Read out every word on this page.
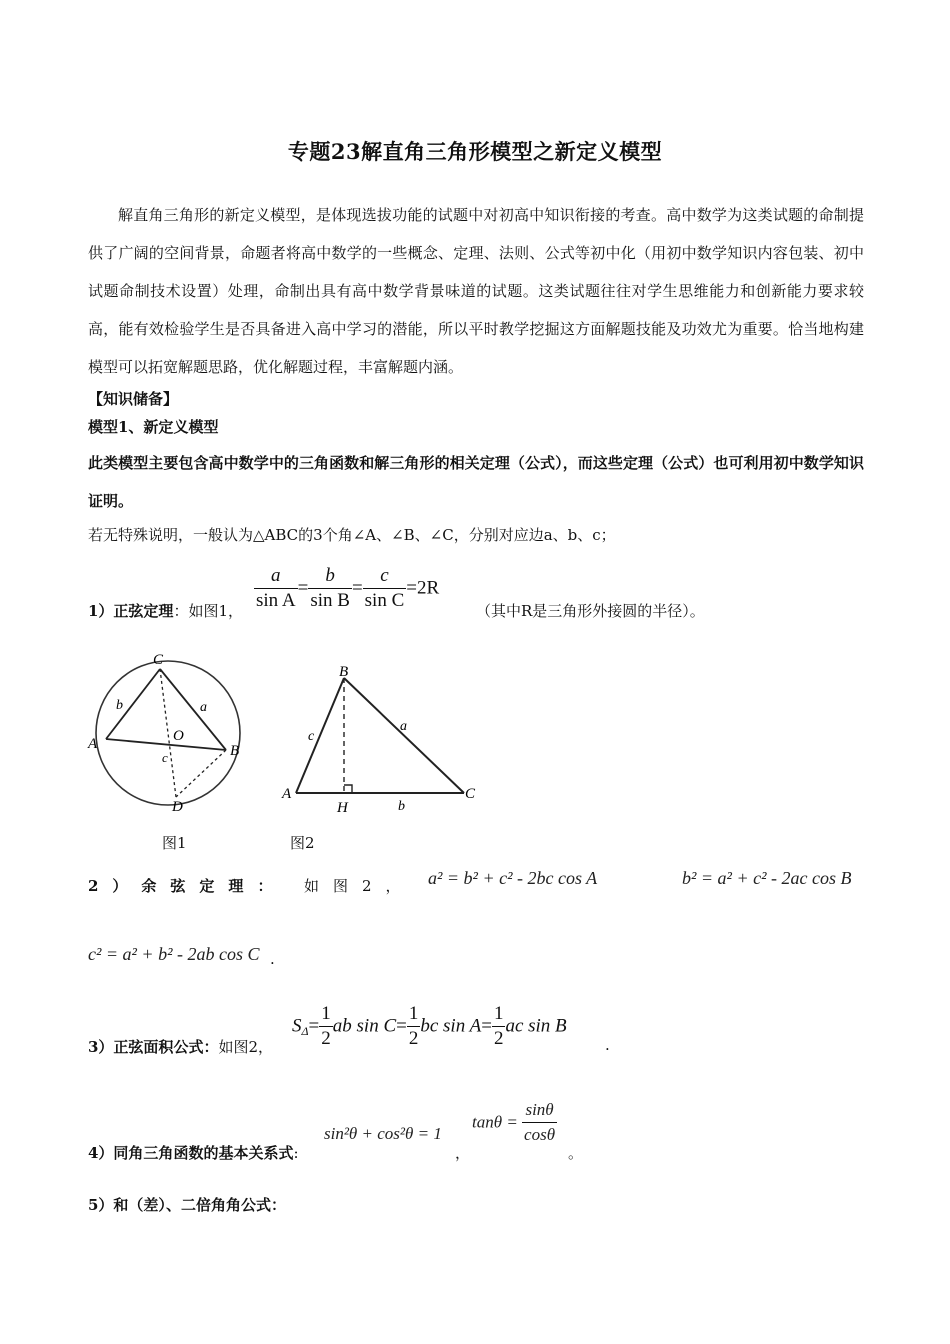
专题23解直角三角形模型之新定义模型
解直角三角形的新定义模型，是体现选拔功能的试题中对初高中知识衔接的考查。高中数学为这类试题的命制提供了广阔的空间背景，命题者将高中数学的一些概念、定理、法则、公式等初中化（用初中数学知识内容包装、初中试题命制技术设置）处理，命制出具有高中数学背景味道的试题。这类试题往往对学生思维能力和创新能力要求较高，能有效检验学生是否具备进入高中学习的潜能，所以平时教学挖掘这方面解题技能及功效尤为重要。恰当地构建模型可以拓宽解题思路，优化解题过程，丰富解题内涵。
【知识储备】
模型1、新定义模型
此类模型主要包含高中数学中的三角函数和解三角形的相关定理（公式），而这些定理（公式）也可利用初中数学知识证明。
若无特殊说明，一般认为△ABC的3个角∠A、∠B、∠C，分别对应边a、b、c；
1）正弦定理：如图1， $\frac{a}{\text{sin A}} = \frac{b}{\text{sin B}} = \frac{c}{\text{sin C}} =2R$
（其中R是三角形外接圆的半径）。
C
A	B
D
O
a
b
c
B
A	C
H
c
a
b
图1	图2
2）余弦定理： 如图2， a² = b² + c² - 2bc cos A	b² = a² + c² - 2ac cos B
c² = a² + b² - 2ab cos C .
3）正弦面积公式：如图2，
$S_\Delta= \frac{1}{2}$ ab $\sin C= \frac{1}{2}$ bc $\sin A= \frac{1}{2}$ ac sin B
.
4）同角三角函数的基本关系式:
sin²θ + cos²θ = 1
，
$\tan\theta = \frac{\sin\theta}{\cos\theta}$
。
5）和（差）、二倍角角公式：
